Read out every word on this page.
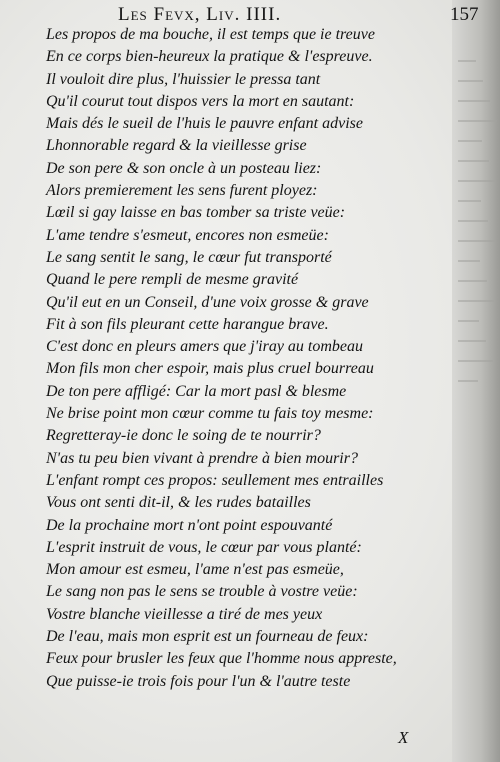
Les Fevx, Liv. IIII.	157
Les propos de ma bouche, il est temps que ie treuve
En ce corps bien-heureux la pratique & l'espreuve.
Il vouloit dire plus, l'huissier le pressa tant
Qu'il courut tout dispos vers la mort en sautant:
Mais dés le sueil de l'huis le pauvre enfant advise
Lhonnorable regard & la vieillesse grise
De son pere & son oncle à un posteau liez:
Alors premierement les sens furent ployez:
Lœil si gay laisse en bas tomber sa triste veüe:
L'ame tendre s'esmeut, encores non esmeüe:
Le sang sentit le sang, le cœur fut transporté
Quand le pere rempli de mesme gravité
Qu'il eut en un Conseil, d'une voix grosse & grave
Fit à son fils pleurant cette harangue brave.
C'est donc en pleurs amers que j'iray au tombeau
Mon fils mon cher espoir, mais plus cruel bourreau
De ton pere affligé: Car la mort pasl & blesme
Ne brise point mon cœur comme tu fais toy mesme:
Regretteray-ie donc le soing de te nourrir?
N'as tu peu bien vivant à prendre à bien mourir?
L'enfant rompt ces propos: seullement mes entrailles
Vous ont senti dit-il, & les rudes batailles
De la prochaine mort n'ont point espouvanté
L'esprit instruit de vous, le cœur par vous planté:
Mon amour est esmeu, l'ame n'est pas esmeüe,
Le sang non pas le sens se trouble à vostre veüe:
Vostre blanche vieillesse a tiré de mes yeux
De l'eau, mais mon esprit est un fourneau de feux:
Feux pour brusler les feux que l'homme nous appreste,
Que puisse-ie trois fois pour l'un & l'autre teste
X
